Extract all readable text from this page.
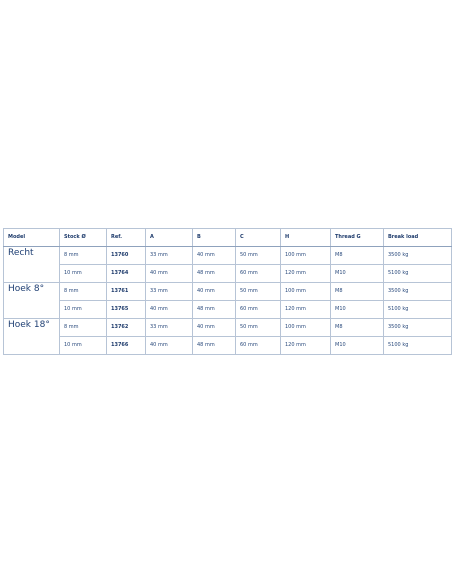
Model	Stock Ø	Ref.	A	B	C	H	Thread G	Break load
Recht	8 mm	13760	33 mm	40 mm	50 mm	100 mm	M8	3500 kg
	10 mm	13764	40 mm	48 mm	60 mm	120 mm	M10	5100 kg
Hoek 8°	8 mm	13761	33 mm	40 mm	50 mm	100 mm	M8	3500 kg
	10 mm	13765	40 mm	48 mm	60 mm	120 mm	M10	5100 kg
Hoek 18°	8 mm	13762	33 mm	40 mm	50 mm	100 mm	M8	3500 kg
	10 mm	13766	40 mm	48 mm	60 mm	120 mm	M10	5100 kg
